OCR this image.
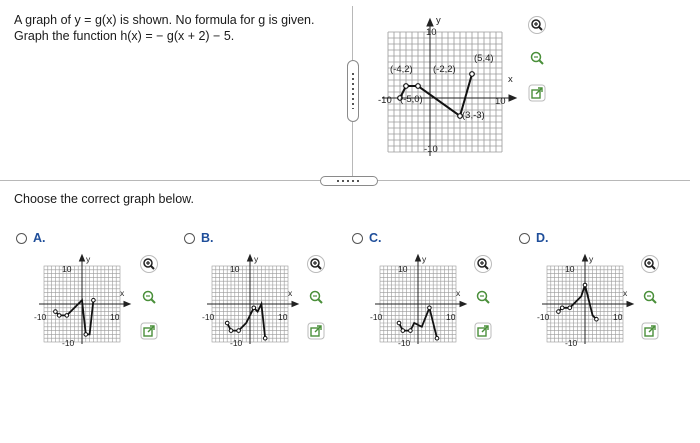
A graph of y = g(x) is shown. No formula for g is given.
Graph the function h(x) = − g(x + 2) − 5.
y
x
10
-10
-10	10
(-4,2) (-2,2)
(5,4)
(-5,0)
(3,-3)
Choose the correct graph below.
A.	B.	C.	D.
y
x
10
-10
-10	10
y
x
10
-10
-10	10
y
x
10
-10
-10	10
y
x
10
-10
-10	10
